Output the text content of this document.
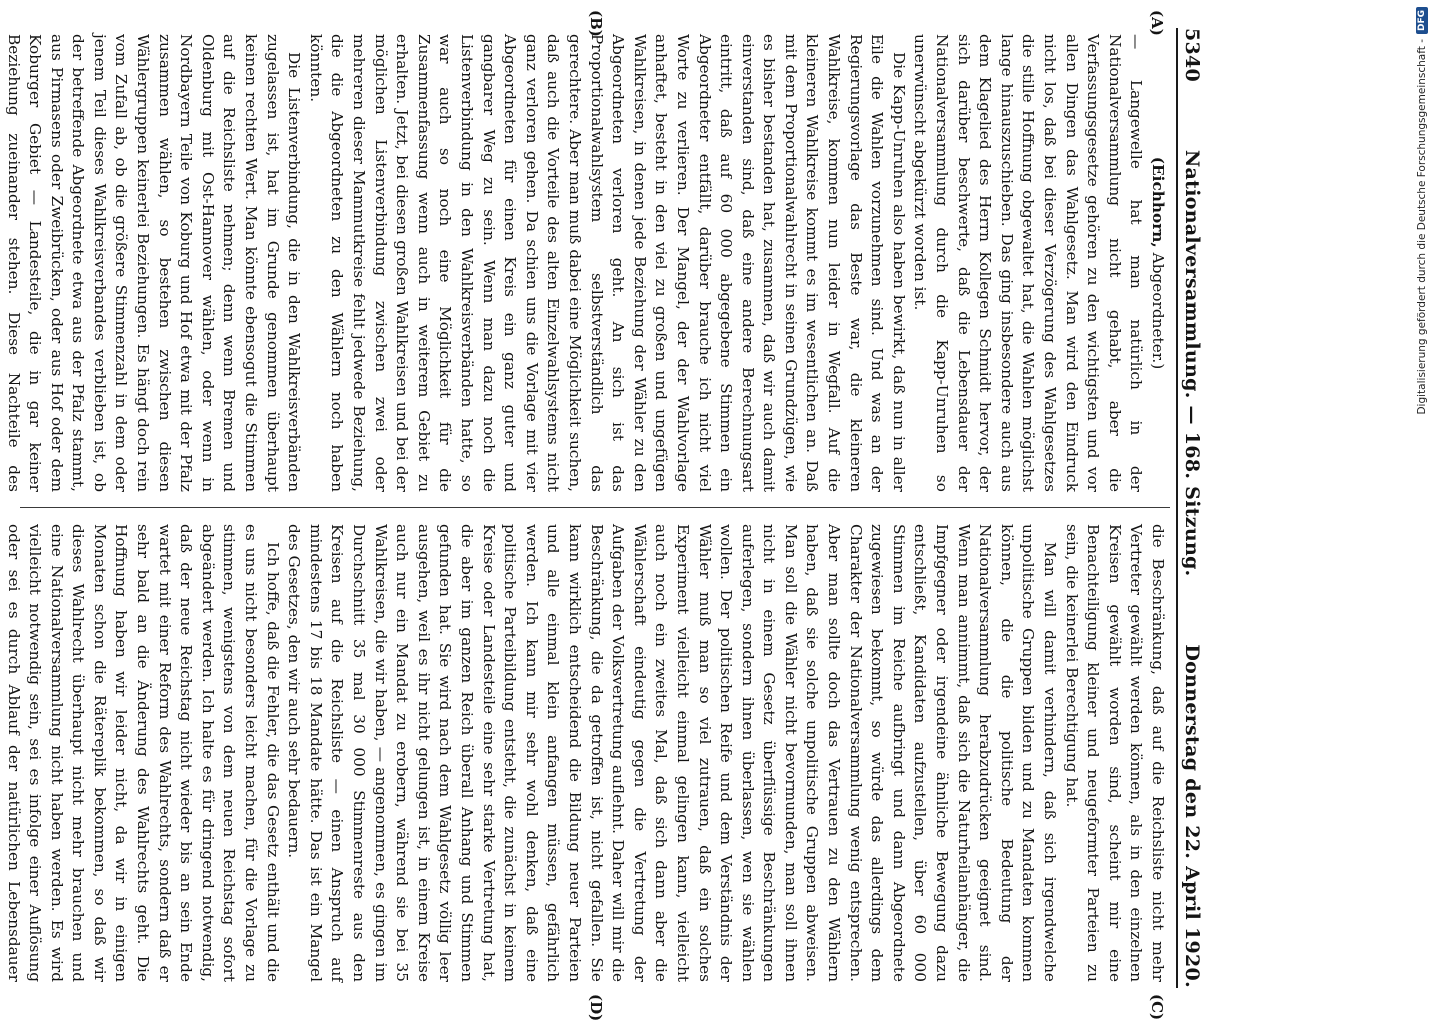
5340
Nationalversammlung. — 168. Sitzung.
Donnerstag den 22. April 1920.
(A)
(B)
(C)
(D)

(Eichhorn, Abgeordneter.)

— Langewelle hat man natürlich in der Nationalversammlung nicht gehabt, aber die Verfassungsgesetze gehören zu den wichtigsten und vor allen Dingen das Wahlgesetz. Man wird den Eindruck nicht los, daß bei dieser Verzögerung des Wahlgesetzes die stille Hoffnung obgewaltet hat, die Wahlen möglichst lange hinauszuschieben. Das ging insbesondere auch aus dem Klagelied des Herrn Kollegen Schmidt hervor, der sich darüber beschwerte, daß die Lebensdauer der Nationalversammlung durch die Kapp-Unruhen so unerwünscht abgekürzt worden ist.

Die Kapp-Unruhen also haben bewirkt, daß nun in aller Eile die Wahlen vorzunehmen sind. Und was an der Regierungsvorlage das Beste war, die kleineren Wahlkreise, kommen nun leider in Wegfall. Auf die kleineren Wahlkreise kommt es im wesentlichen an. Daß mit dem Proportionalwahlrecht in seinen Grundzügen, wie es bisher bestanden hat, zusammen, daß wir auch damit einverstanden sind, daß eine andere Berechnungsart eintritt, daß auf 60 000 abgegebene Stimmen ein Abgeordneter entfällt, darüber brauche ich nicht viel Worte zu verlieren. Der Mangel, der der Wahlvorlage anhaftet, besteht in den viel zu großen und ungefügen Wahlkreisen, in denen jede Beziehung der Wähler zu den Abgeordneten verloren geht. An sich ist das Proportionalwahlsystem selbstverständlich das gerechtere. Aber man muß dabei eine Möglichkeit suchen, daß auch die Vorteile des alten Einzelwahlsystems nicht ganz verloren gehen. Da schien uns die Vorlage mit vier Abgeordneten für einen Kreis ein ganz guter und gangbarer Weg zu sein. Wenn man dazu noch die Listenverbindung in den Wahlkreisverbänden hatte, so war auch so noch eine Möglichkeit für die Zusammenfassung wenn auch in weiterem Gebiet zu erhalten. Jetzt, bei diesen großen Wahlkreisen und bei der möglichen Listenverbindung zwischen zwei oder mehreren dieser Mammutkreise fehlt jedwede Beziehung, die die Abgeordneten zu den Wählern noch haben könnten.

Die Listenverbindung, die in den Wahlkreisverbänden zugelassen ist, hat im Grunde genommen überhaupt keinen rechten Wert. Man könnte ebensogut die Stimmen auf die Reichsliste nehmen; denn wenn Bremen und Oldenburg mit Ost-Hannover wählen, oder wenn in Nordbayern Teile von Koburg und Hof etwa mit der Pfalz zusammen wählen, so bestehen zwischen diesen Wählergruppen keinerlei Beziehungen. Es hängt doch rein vom Zufall ab, ob die größere Stimmenzahl in dem oder jenem Teil dieses Wahlkreisverbandes verblieben ist, ob der betreffende Abgeordnete etwa aus der Pfalz stammt, aus Pirmasens oder Zweibrücken, oder aus Hof oder dem Koburger Gebiet — Landesteile, die in gar keiner Beziehung zueinander stehen. Diese Nachteile des

die Beschränkung, daß auf die Reichsliste nicht mehr Vertreter gewählt werden können, als in den einzelnen Kreisen gewählt worden sind, scheint mir eine Benachteiligung kleiner und neugeformter Parteien zu sein, die keinerlei Berechtigung hat.

Man will damit verhindern, daß sich irgendwelche unpolitische Gruppen bilden und zu Mandaten kommen können, die die politische Bedeutung der Nationalversammlung herabzudrücken geeignet sind. Wenn man annimmt, daß sich die Naturheilanhänger, die Impfgegner oder irgendeine ähnliche Bewegung dazu entschließt, Kandidaten aufzustellen, über 60 000 Stimmen im Reiche aufbringt und dann Abgeordnete zugewiesen bekommt, so würde das allerdings dem Charakter der Nationalversammlung wenig entsprechen. Aber man sollte doch das Vertrauen zu den Wählern haben, daß sie solche unpolitische Gruppen abweisen. Man soll die Wähler nicht bevormunden, man soll ihnen nicht in einem Gesetz überflüssige Beschränkungen auferlegen, sondern ihnen überlassen, wen sie wählen wollen. Der politischen Reife und dem Verständnis der Wähler muß man so viel zutrauen, daß ein solches Experiment vielleicht einmal gelingen kann, vielleicht auch noch ein zweites Mal, daß sich dann aber die Wählerschaft eindeutig gegen die Vertretung der Aufgaben der Volksvertretung auflehnt. Daher will mir die Beschränkung, die da getroffen ist, nicht gefallen. Sie kann wirklich entscheidend die Bildung neuer Parteien und alle einmal klein anfangen müssen, gefährlich werden. Ich kann mir sehr wohl denken, daß eine politische Parteibildung entsteht, die zunächst in keinem Kreise oder Landesteile eine sehr starke Vertretung hat, die aber im ganzen Reich überall Anhang und Stimmen gefunden hat. Sie wird nach dem Wahlgesetz völlig leer ausgehen, weil es ihr nicht gelungen ist, in einem Kreise auch nur ein Mandat zu erobern, während sie bei 35 Wahlkreisen, die wir haben, — angenommen, es gingen im Durchschnitt 35 mal 30 000 Stimmenreste aus den Kreisen auf die Reichsliste — einen Anspruch auf mindestens 17 bis 18 Mandate hätte. Das ist ein Mangel des Gesetzes, den wir auch sehr bedauern.

Ich hoffe, daß die Fehler, die das Gesetz enthält und die es uns nicht besonders leicht machen, für die Vorlage zu stimmen, wenigstens von dem neuen Reichstag sofort abgeändert werden. Ich halte es für dringend notwendig, daß der neue Reichstag nicht wieder bis an sein Ende wartet mit einer Reform des Wahlrechts, sondern daß er sehr bald an die Änderung des Wahlrechts geht. Die Hoffnung haben wir leider nicht, da wir in einigen Monaten schon die Rätereplik bekommen, so daß wir dieses Wahlrecht überhaupt nicht mehr brauchen und eine Nationalversammlung nicht haben werden. Es wird vielleicht notwendig sein, sei es infolge einer Auflösung oder sei es durch Ablauf der natürlichen Lebensdauer

Digitalisierung gefördert durch die Deutsche Forschungsgemeinschaft -
DFG
